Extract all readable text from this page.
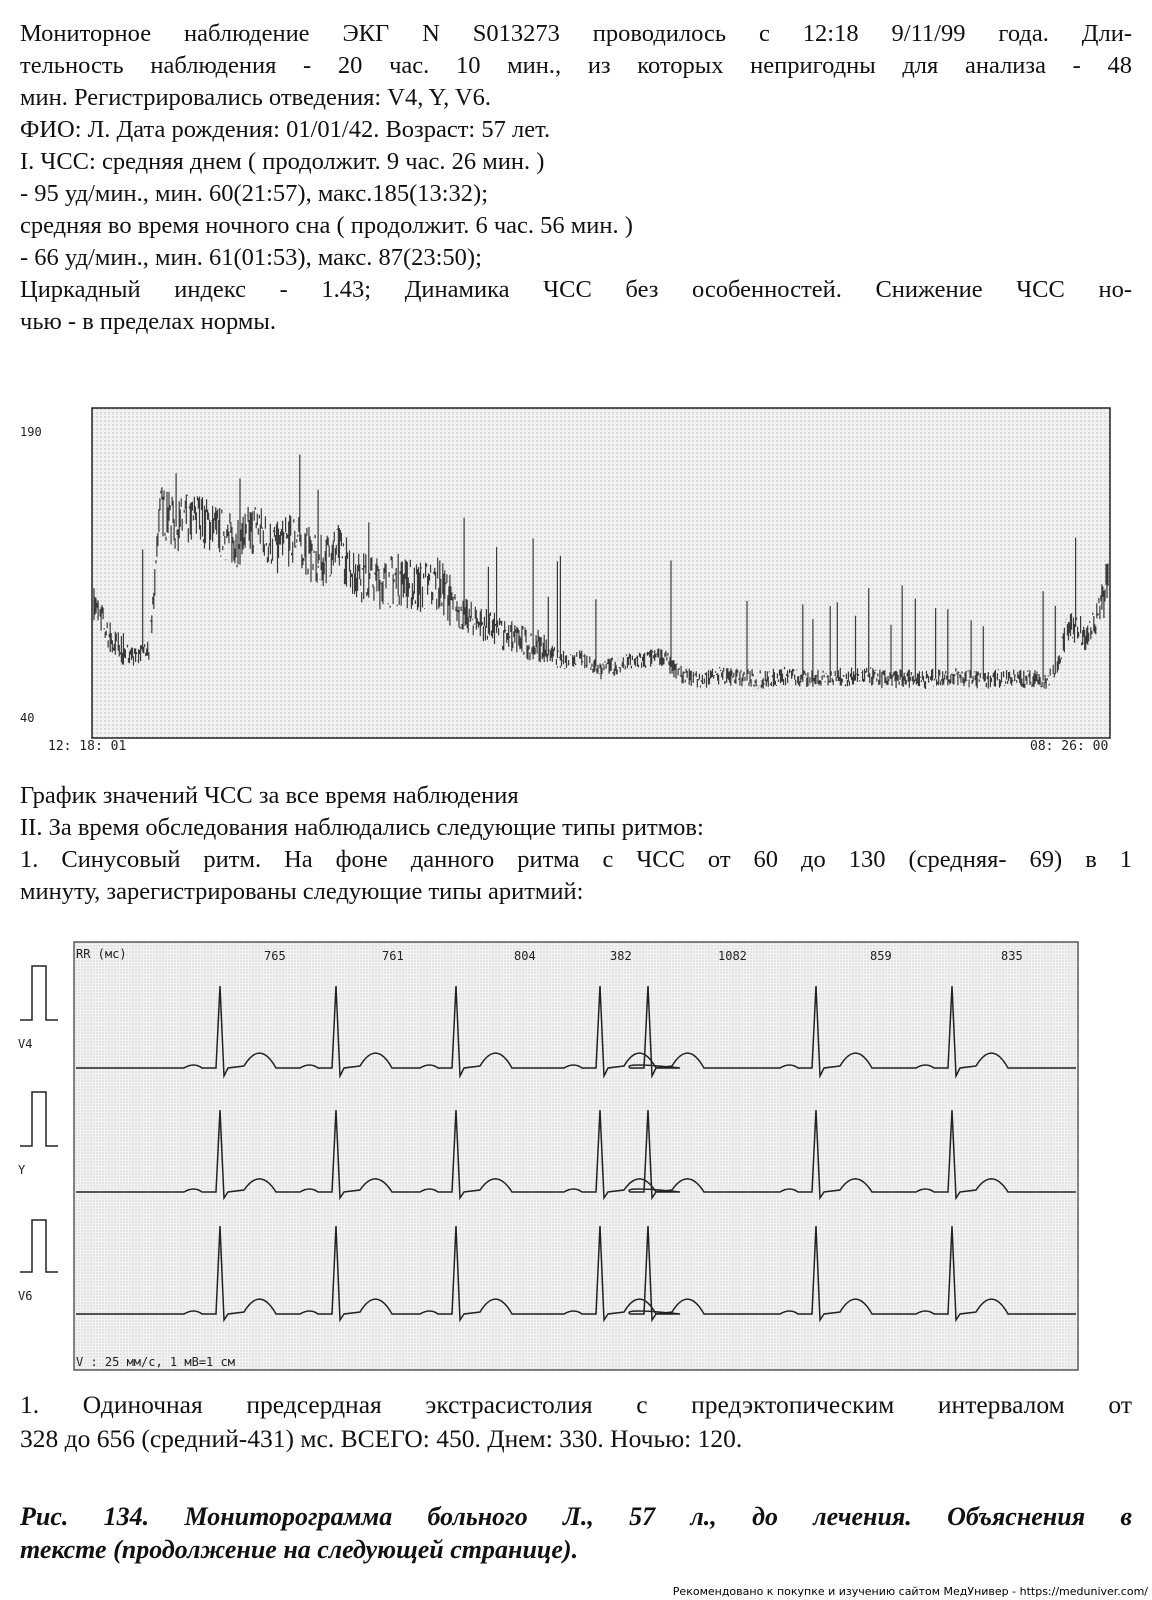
Мониторное наблюдение ЭКГ N S013273 проводилось с 12:18 9/11/99 года. Дли-
тельность наблюдения - 20 час. 10 мин., из которых непригодны для анализа - 48
мин. Регистрировались отведения: V4, Y, V6.
ФИО: Л. Дата рождения: 01/01/42. Возраст: 57 лет.
I. ЧСС: средняя днем ( продолжит. 9 час. 26 мин. )
- 95 уд/мин., мин. 60(21:57), макс.185(13:32);
средняя во время ночного сна ( продолжит. 6 час. 56 мин. )
- 66 уд/мин., мин. 61(01:53), макс. 87(23:50);
Циркадный индекс - 1.43; Динамика ЧСС без особенностей. Снижение ЧСС но-
чью - в пределах нормы.
190
40
12: 18: 01	08: 26: 00

График значений ЧСС за все время наблюдения

II. За время обследования наблюдались следующие типы ритмов:
1. Синусовый ритм. На фоне данного ритма с ЧСС от 60 до 130 (средняя- 69) в 1
минуту, зарегистрированы следующие типы аритмий:
RR (мс)	765	761	804	382	1082	859	835
V4
Y
V6
V : 25 мм/с, 1 мВ=1 см
1. Одиночная предсердная экстрасистолия с предэктопическим интервалом от
328 до 656 (средний-431) мс. ВСЕГО: 450. Днем: 330. Ночью: 120.
Рис. 134. Мониторограмма больного Л., 57 л., до лечения. Объяснения в
тексте (продолжение на следующей странице).
Рекомендовано к покупке и изучению сайтом МедУнивер - https://meduniver.com/
